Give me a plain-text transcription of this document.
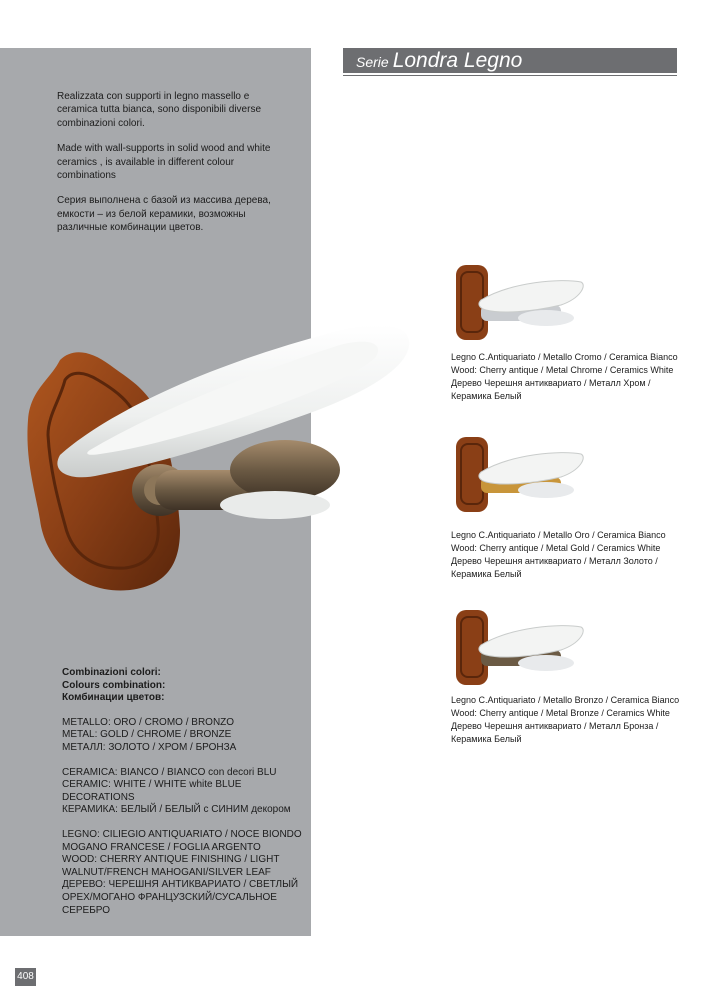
Realizzata con supporti in legno massello e ceramica tutta bianca, sono disponibili diverse combinazioni colori.

Made with wall-supports in solid wood and white ceramics , is available in different colour combinations

Серия выполнена с базой из массива дерева, емкости – из белой керамики, возможны различные комбинации цветов.

Serie Londra Legno
Combinazioni colori:
Colours combination:
Комбинации цветов:
METALLO: ORO / CROMO / BRONZO
METAL: GOLD / CHROME / BRONZE
МЕТАЛЛ: ЗОЛОТО / ХРОМ / БРОНЗА
CERAMICA: BIANCO / BIANCO con decori BLU
CERAMIC: WHITE / WHITE white BLUE DECORATIONS
КЕРАМИКА: БЕЛЫЙ / БЕЛЫЙ с СИНИМ декором
LEGNO: CILIEGIO ANTIQUARIATO / NOCE BIONDO
MOGANO FRANCESE / FOGLIA ARGENTO
WOOD: CHERRY ANTIQUE FINISHING / LIGHT
WALNUT/FRENCH MAHOGANI/SILVER LEAF
ДЕРЕВО: ЧЕРЕШНЯ АНТИКВАРИАТО / СВЕТЛЫЙ
ОРЕХ/МОГАНО ФРАНЦУЗСКИЙ/СУСАЛЬНОЕ
СЕРЕБРО
Legno C.Antiquariato / Metallo Cromo / Ceramica Bianco
Wood: Cherry antique / Metal Chrome / Ceramics White
Дерево Черешня антиквариато / Металл Хром /
Керамика Белый
Legno C.Antiquariato / Metallo Oro / Ceramica Bianco
Wood: Cherry antique / Metal Gold / Ceramics White
Дерево Черешня антиквариато / Металл Золото /
Керамика Белый
Legno C.Antiquariato / Metallo Bronzo / Ceramica Bianco
Wood: Cherry antique / Metal Bronze / Ceramics White
Дерево Черешня антиквариато / Металл Бронза /
Керамика Белый
408
